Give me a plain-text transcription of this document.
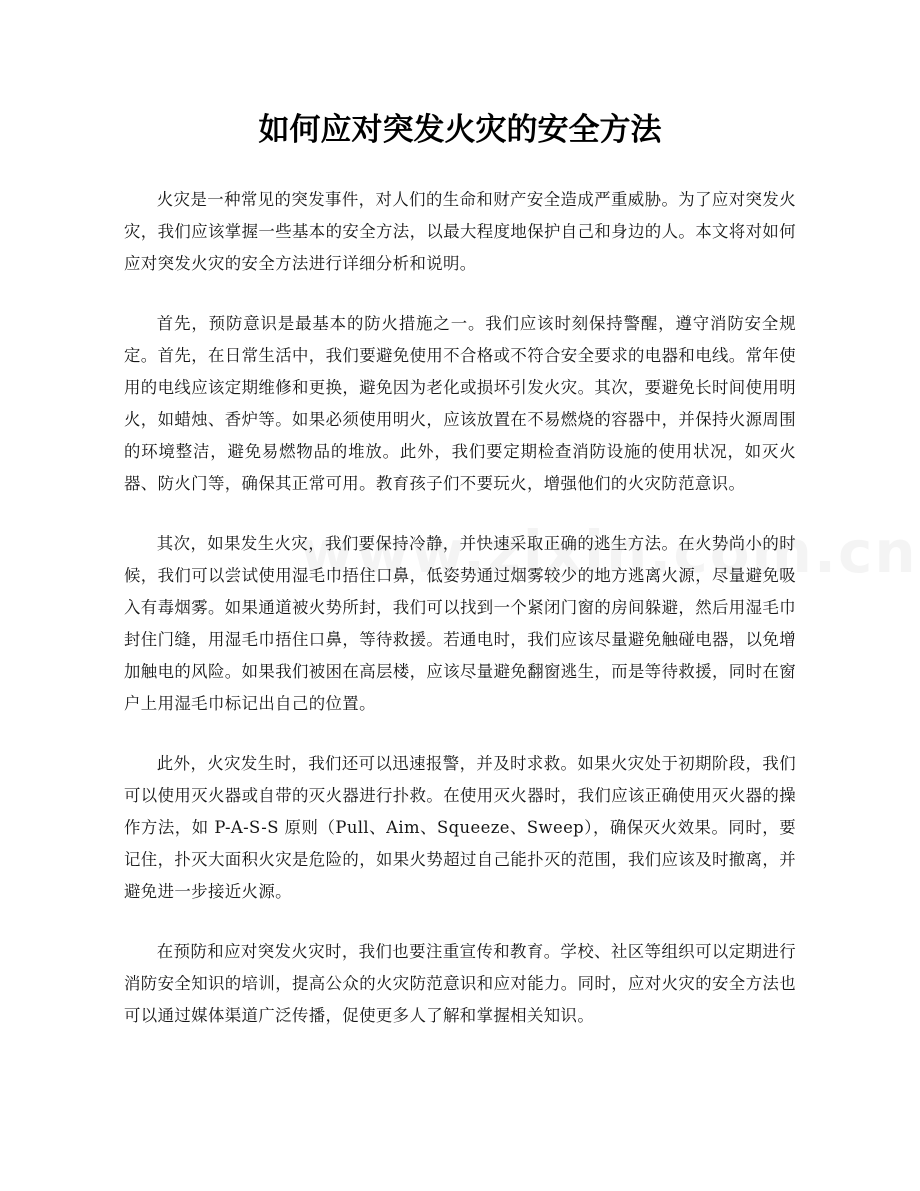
如何应对突发火灾的安全方法

火灾是一种常见的突发事件，对人们的生命和财产安全造成严重威胁。为了应对突发火灾，我们应该掌握一些基本的安全方法，以最大程度地保护自己和身边的人。本文将对如何应对突发火灾的安全方法进行详细分析和说明。

首先，预防意识是最基本的防火措施之一。我们应该时刻保持警醒，遵守消防安全规定。首先，在日常生活中，我们要避免使用不合格或不符合安全要求的电器和电线。常年使用的电线应该定期维修和更换，避免因为老化或损坏引发火灾。其次，要避免长时间使用明火，如蜡烛、香炉等。如果必须使用明火，应该放置在不易燃烧的容器中，并保持火源周围的环境整洁，避免易燃物品的堆放。此外，我们要定期检查消防设施的使用状况，如灭火器、防火门等，确保其正常可用。教育孩子们不要玩火，增强他们的火灾防范意识。

其次，如果发生火灾，我们要保持冷静，并快速采取正确的逃生方法。在火势尚小的时候，我们可以尝试使用湿毛巾捂住口鼻，低姿势通过烟雾较少的地方逃离火源，尽量避免吸入有毒烟雾。如果通道被火势所封，我们可以找到一个紧闭门窗的房间躲避，然后用湿毛巾封住门缝，用湿毛巾捂住口鼻，等待救援。若通电时，我们应该尽量避免触碰电器，以免增加触电的风险。如果我们被困在高层楼，应该尽量避免翻窗逃生，而是等待救援，同时在窗户上用湿毛巾标记出自己的位置。

此外，火灾发生时，我们还可以迅速报警，并及时求救。如果火灾处于初期阶段，我们可以使用灭火器或自带的灭火器进行扑救。在使用灭火器时，我们应该正确使用灭火器的操作方法，如 P-A-S-S 原则（Pull、Aim、Squeeze、Sweep），确保灭火效果。同时，要记住，扑灭大面积火灾是危险的，如果火势超过自己能扑灭的范围，我们应该及时撤离，并避免进一步接近火源。

在预防和应对突发火灾时，我们也要注重宣传和教育。学校、社区等组织可以定期进行消防安全知识的培训，提高公众的火灾防范意识和应对能力。同时，应对火灾的安全方法也可以通过媒体渠道广泛传播，促使更多人了解和掌握相关知识。
